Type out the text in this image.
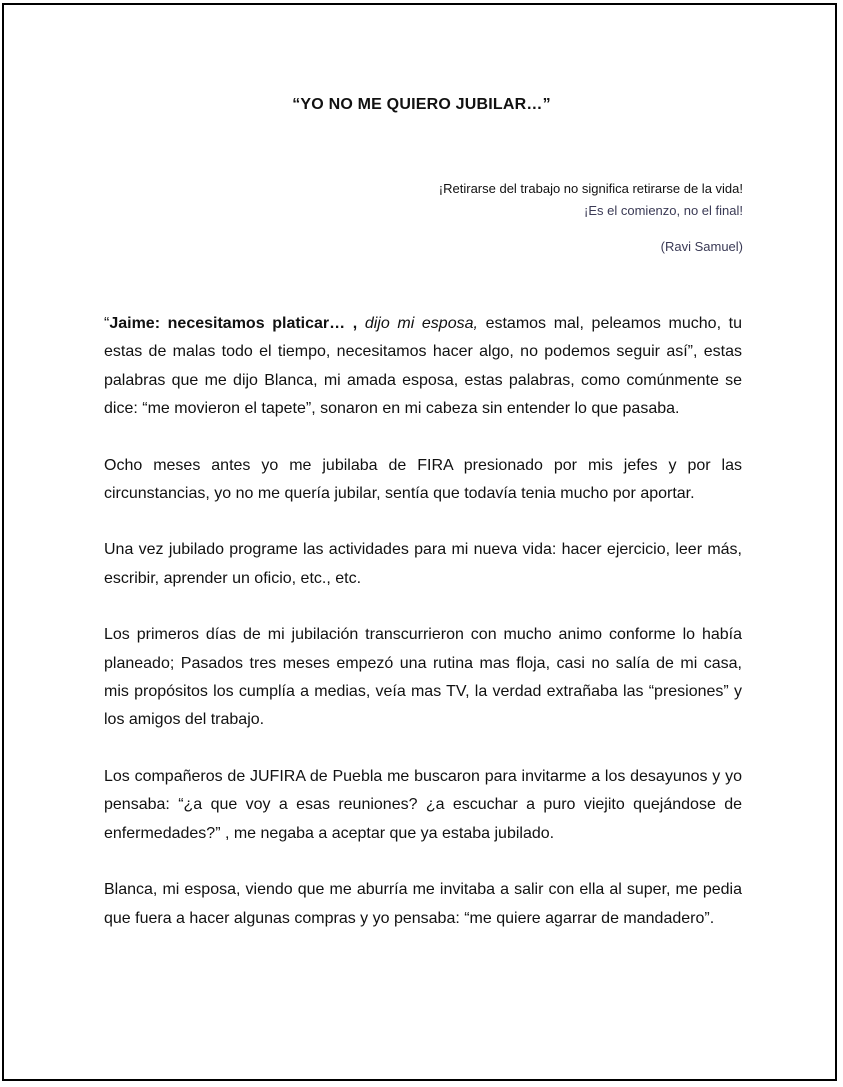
“YO NO ME QUIERO JUBILAR…”
¡Retirarse del trabajo no significa retirarse de la vida!
¡Es el comienzo, no el final!
(Ravi Samuel)

“Jaime: necesitamos platicar… , dijo mi esposa, estamos mal, peleamos mucho, tu estas de malas todo el tiempo, necesitamos hacer algo, no podemos seguir así”, estas palabras que me dijo Blanca, mi amada esposa, estas palabras, como comúnmente se dice: “me movieron el tapete”, sonaron en mi cabeza sin entender lo que pasaba.

Ocho meses antes yo me jubilaba de FIRA presionado por mis jefes y por las circunstancias, yo no me quería jubilar, sentía que todavía tenia mucho por aportar.

Una vez jubilado programe las actividades para mi nueva vida: hacer ejercicio, leer más, escribir, aprender un oficio, etc., etc.

Los primeros días de mi jubilación transcurrieron con mucho animo conforme lo había planeado; Pasados tres meses empezó una rutina mas floja, casi no salía de mi casa, mis propósitos los cumplía a medias, veía mas TV, la verdad extrañaba las “presiones” y los amigos del trabajo.

Los compañeros de JUFIRA de Puebla me buscaron para invitarme a los desayunos y yo pensaba: “¿a que voy a esas reuniones? ¿a escuchar a puro viejito quejándose de enfermedades?” , me negaba a aceptar que ya estaba jubilado.

Blanca, mi esposa, viendo que me aburría me invitaba a salir con ella al super, me pedia que fuera a hacer algunas compras y yo pensaba: “me quiere agarrar de mandadero”.
